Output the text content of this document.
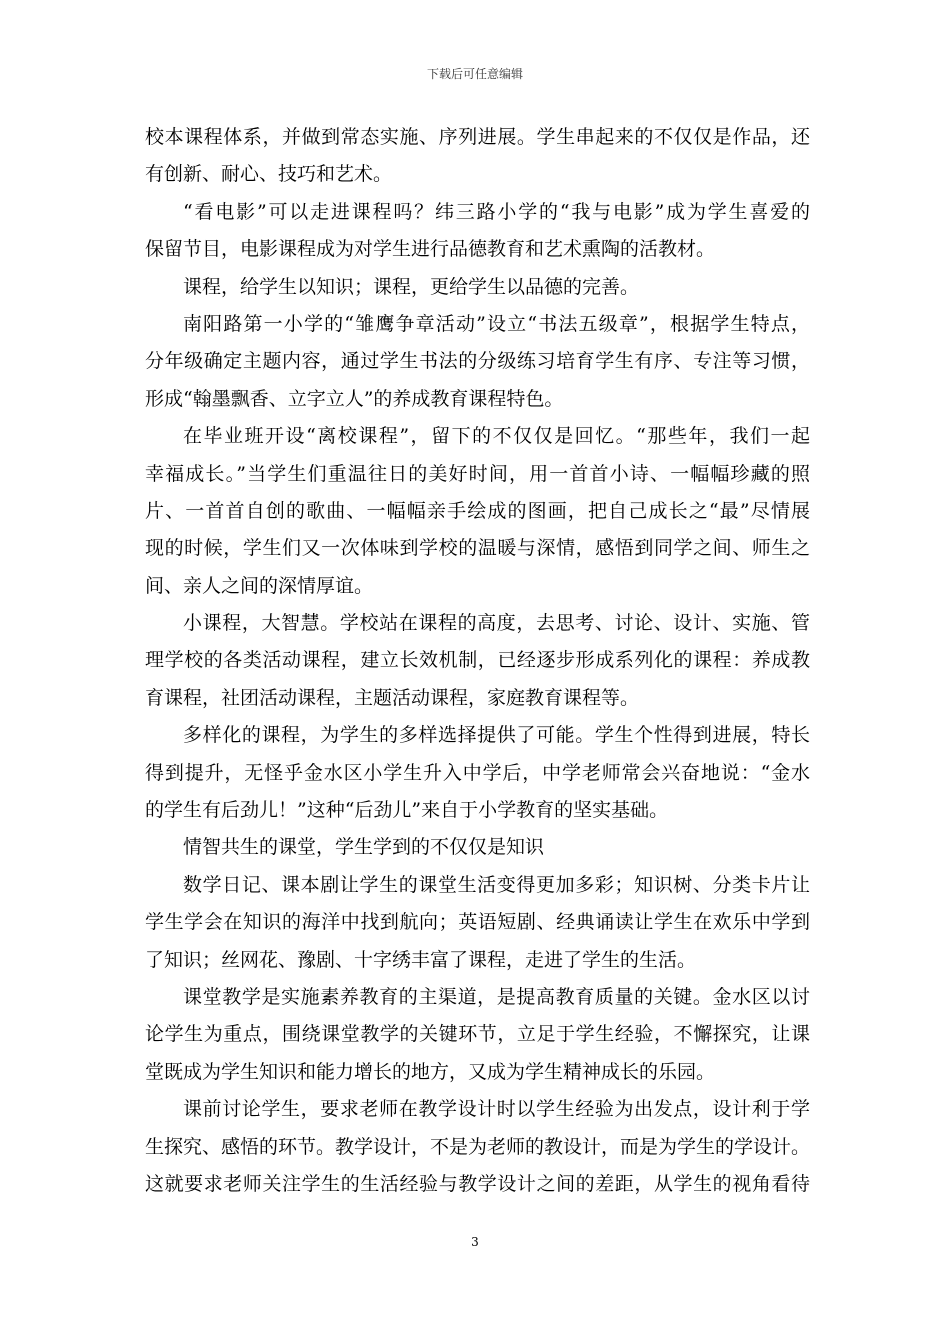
下载后可任意编辑
校本课程体系，并做到常态实施、序列进展。学生串起来的不仅仅是作品，还
有创新、耐心、技巧和艺术。
“看电影”可以走进课程吗？纬三路小学的“我与电影”成为学生喜爱的
保留节目，电影课程成为对学生进行品德教育和艺术熏陶的活教材。
课程，给学生以知识；课程，更给学生以品德的完善。
南阳路第一小学的“雏鹰争章活动”设立“书法五级章”，根据学生特点，
分年级确定主题内容，通过学生书法的分级练习培育学生有序、专注等习惯，
形成“翰墨飘香、立字立人”的养成教育课程特色。
在毕业班开设“离校课程”，留下的不仅仅是回忆。“那些年，我们一起
幸福成长。”当学生们重温往日的美好时间，用一首首小诗、一幅幅珍藏的照
片、一首首自创的歌曲、一幅幅亲手绘成的图画，把自己成长之“最”尽情展
现的时候，学生们又一次体味到学校的温暖与深情，感悟到同学之间、师生之
间、亲人之间的深情厚谊。
小课程，大智慧。学校站在课程的高度，去思考、讨论、设计、实施、管
理学校的各类活动课程，建立长效机制，已经逐步形成系列化的课程：养成教
育课程，社团活动课程，主题活动课程，家庭教育课程等。
多样化的课程，为学生的多样选择提供了可能。学生个性得到进展，特长
得到提升，无怪乎金水区小学生升入中学后，中学老师常会兴奋地说：“金水
的学生有后劲儿！”这种“后劲儿”来自于小学教育的坚实基础。
情智共生的课堂，学生学到的不仅仅是知识
数学日记、课本剧让学生的课堂生活变得更加多彩；知识树、分类卡片让
学生学会在知识的海洋中找到航向；英语短剧、经典诵读让学生在欢乐中学到
了知识；丝网花、豫剧、十字绣丰富了课程，走进了学生的生活。
课堂教学是实施素养教育的主渠道，是提高教育质量的关键。金水区以讨
论学生为重点，围绕课堂教学的关键环节，立足于学生经验，不懈探究，让课
堂既成为学生知识和能力增长的地方，又成为学生精神成长的乐园。
课前讨论学生，要求老师在教学设计时以学生经验为出发点，设计利于学
生探究、感悟的环节。教学设计，不是为老师的教设计，而是为学生的学设计。
这就要求老师关注学生的生活经验与教学设计之间的差距，从学生的视角看待
3
